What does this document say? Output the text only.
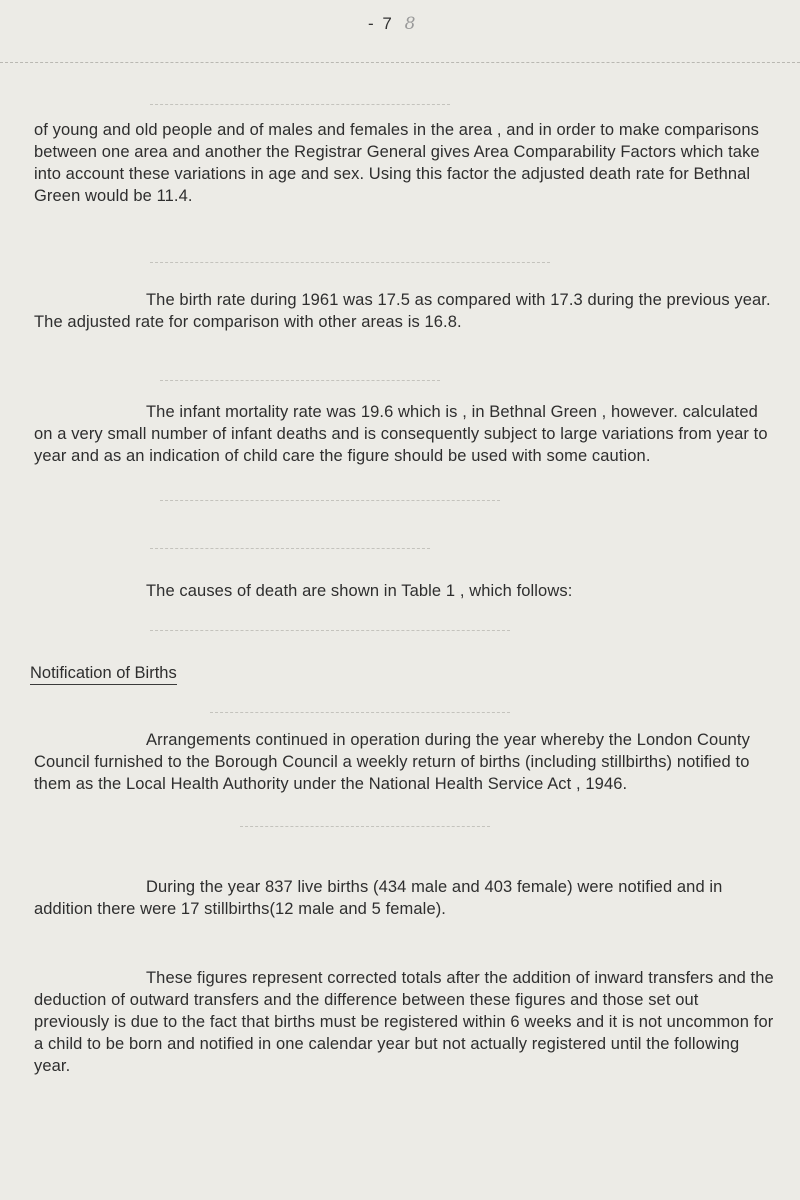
- 7 8

of young and old people and of males and females in the area , and in order to make comparisons between one area and another the Registrar General gives Area Comparability Factors which take into account these variations in age and sex. Using this factor the adjusted death rate for Bethnal Green would be 11.4.

The birth rate during 1961 was 17.5 as compared with 17.3 during the previous year. The adjusted rate for comparison with other areas is 16.8.

The infant mortality rate was 19.6 which is , in Bethnal Green , however. calculated on a very small number of infant deaths and is consequently subject to large variations from year to year and as an indication of child care the figure should be used with some caution.

The causes of death are shown in Table 1 , which follows:

Notification of Births

Arrangements continued in operation during the year whereby the London County Council furnished to the Borough Council a weekly return of births (including stillbirths) notified to them as the Local Health Authority under the National Health Service Act , 1946.

During the year 837 live births (434 male and 403 female) were notified and in addition there were 17 stillbirths(12 male and 5 female).

These figures represent corrected totals after the addition of inward transfers and the deduction of outward transfers and the difference between these figures and those set out previously is due to the fact that births must be registered within 6 weeks and it is not uncommon for a child to be born and notified in one calendar year but not actually registered until the following year.
